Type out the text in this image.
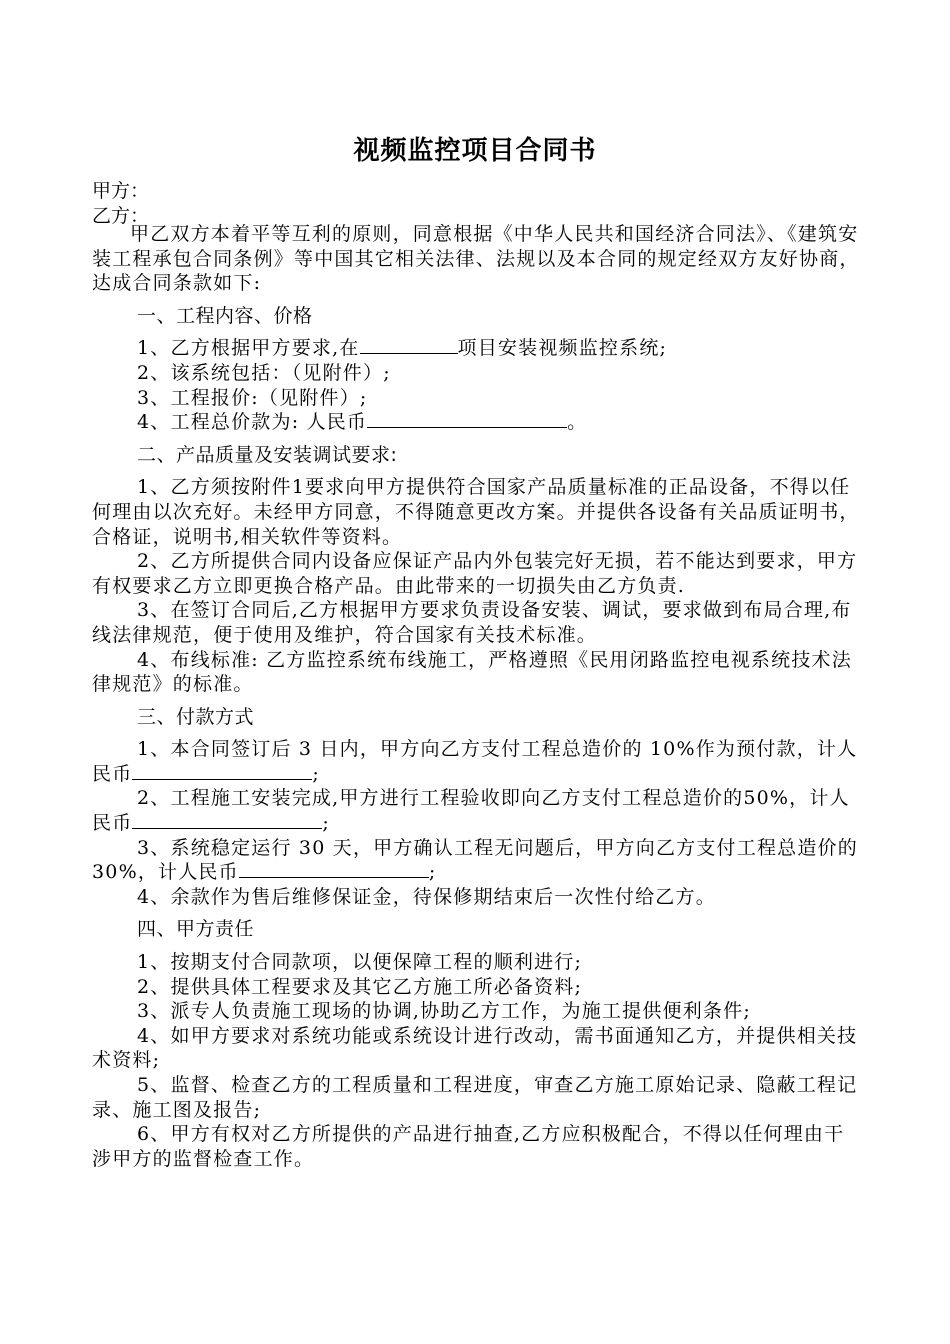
视频监控项目合同书
甲方：
乙方：

甲乙双方本着平等互利的原则，同意根据《中华人民共和国经济合同法》、《建筑安装工程承包合同条例》等中国其它相关法律、法规以及本合同的规定经双方友好协商，达成合同条款如下:

一、工程内容、价格

1、乙方根据甲方要求,在	项目安装视频监控系统;

2、该系统包括：（见附件）;

3、工程报价:（见附件）;

4、工程总价款为: 人民币	。

二、产品质量及安装调试要求:

1、乙方须按附件1要求向甲方提供符合国家产品质量标准的正品设备，不得以任何理由以次充好。未经甲方同意，不得随意更改方案。并提供各设备有关品质证明书，合格证，说明书,相关软件等资料。

2、乙方所提供合同内设备应保证产品内外包装完好无损，若不能达到要求，甲方有权要求乙方立即更换合格产品。由此带来的一切损失由乙方负责.

3、在签订合同后,乙方根据甲方要求负责设备安装、调试，要求做到布局合理,布线法律规范，便于使用及维护，符合国家有关技术标准。

4、布线标准: 乙方监控系统布线施工，严格遵照《民用闭路监控电视系统技术法律规范》的标准。

三、付款方式

1、本合同签订后 3 日内，甲方向乙方支付工程总造价的 10%作为预付款，计人民币	;

2、工程施工安装完成,甲方进行工程验收即向乙方支付工程总造价的50%，计人民币	;

3、系统稳定运行 30 天，甲方确认工程无问题后，甲方向乙方支付工程总造价的 30%，计人民币	;

4、余款作为售后维修保证金，待保修期结束后一次性付给乙方。

四、甲方责任

1、按期支付合同款项，以便保障工程的顺利进行;

2、提供具体工程要求及其它乙方施工所必备资料;

3、派专人负责施工现场的协调,协助乙方工作，为施工提供便利条件;

4、如甲方要求对系统功能或系统设计进行改动，需书面通知乙方，并提供相关技术资料;

5、监督、检查乙方的工程质量和工程进度，审查乙方施工原始记录、隐蔽工程记录、施工图及报告;

6、甲方有权对乙方所提供的产品进行抽查,乙方应积极配合，不得以任何理由干涉甲方的监督检查工作。
